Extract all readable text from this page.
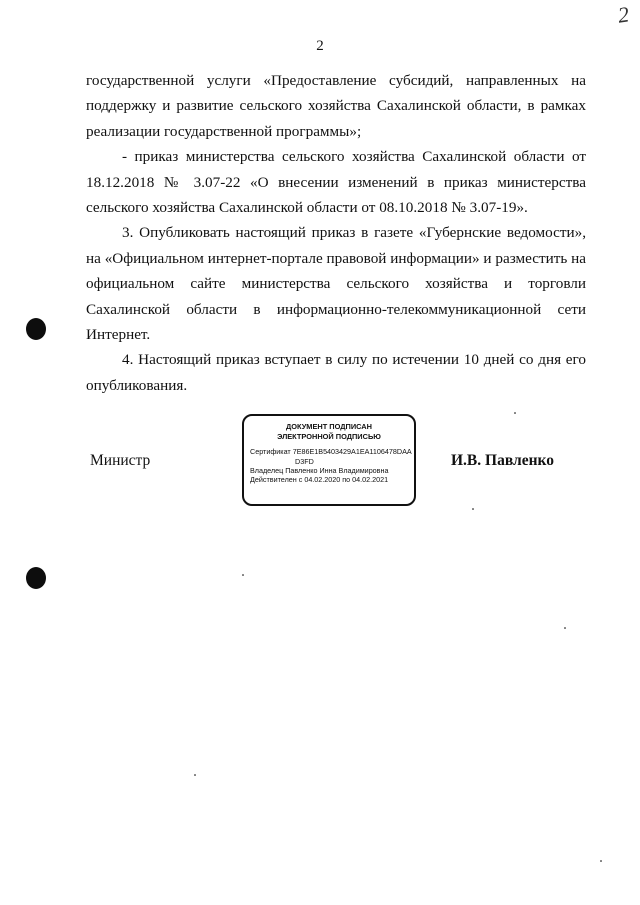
2
2

государственной услуги «Предоставление субсидий, направленных на поддержку и развитие сельского хозяйства Сахалинской области, в рамках реализации государственной программы»;

- приказ министерства сельского хозяйства Сахалинской области от 18.12.2018 № 3.07-22 «О внесении изменений в приказ министерства сельского хозяйства Сахалинской области от 08.10.2018 № 3.07-19».

3. Опубликовать настоящий приказ в газете «Губернские ведомости», на «Официальном интернет-портале правовой информации» и разместить на официальном сайте министерства сельского хозяйства и торговли Сахалинской области в информационно-телекоммуникационной сети Интернет.

4. Настоящий приказ вступает в силу по истечении 10 дней со дня его опубликования.

Министр
ДОКУМЕНТ ПОДПИСАН
ЭЛЕКТРОННОЙ ПОДПИСЬЮ
Сертификат 7E86E1B5403429A1EA1106478DAA
D3FD
Владелец Павленко Инна Владимировна
Действителен с 04.02.2020 по 04.02.2021
И.В. Павленко
